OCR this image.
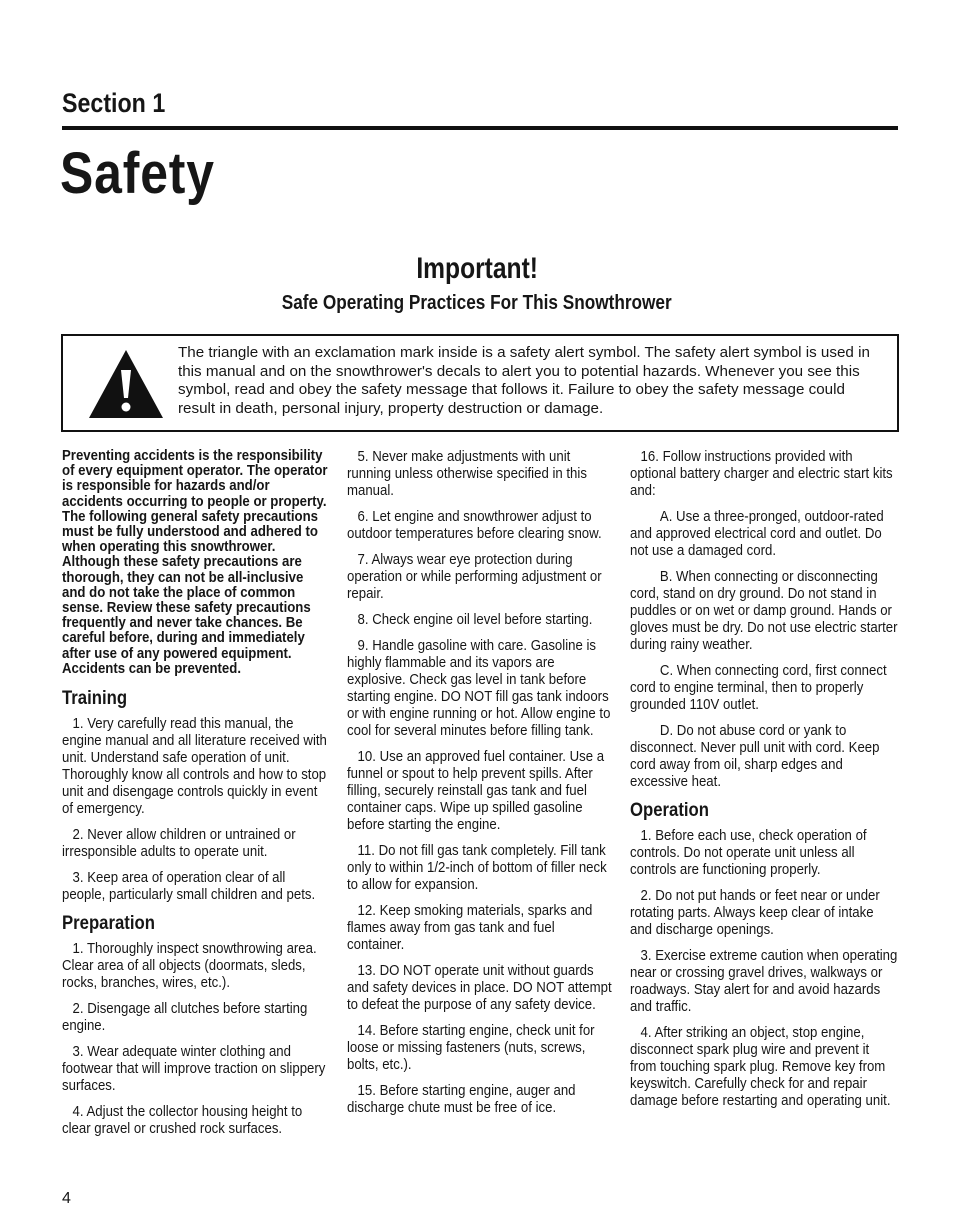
Section 1
Safety
Important!
Safe Operating Practices For This Snowthrower
The triangle with an exclamation mark inside is a safety alert symbol. The safety alert symbol is used in this manual and on the snowthrower's decals to alert you to potential hazards. Whenever you see this symbol, read and obey the safety message that follows it. Failure to obey the safety message could result in death, personal injury, property destruction or damage.

Preventing accidents is the responsibility of every equipment operator. The operator is responsible for hazards and/or accidents occurring to people or property. The following general safety precautions must be fully understood and adhered to when operating this snowthrower. Although these safety precautions are thorough, they can not be all-inclusive and do not take the place of common sense. Review these safety precautions frequently and never take chances. Be careful before, during and immediately after use of any powered equipment. Accidents can be prevented.

Training

1. Very carefully read this manual, the engine manual and all literature received with unit. Understand safe operation of unit. Thoroughly know all controls and how to stop unit and disengage controls quickly in event of emergency.

2. Never allow children or untrained or irresponsible adults to operate unit.

3. Keep area of operation clear of all people, particularly small children and pets.

Preparation

1. Thoroughly inspect snowthrowing area. Clear area of all objects (doormats, sleds, rocks, branches, wires, etc.).

2. Disengage all clutches before starting engine.

3. Wear adequate winter clothing and footwear that will improve traction on slippery surfaces.

4. Adjust the collector housing height to clear gravel or crushed rock surfaces.

5. Never make adjustments with unit running unless otherwise specified in this manual.

6. Let engine and snowthrower adjust to outdoor temperatures before clearing snow.

7. Always wear eye protection during operation or while performing adjustment or repair.

8. Check engine oil level before starting.

9. Handle gasoline with care. Gasoline is highly flammable and its vapors are explosive. Check gas level in tank before starting engine. DO NOT fill gas tank indoors or with engine running or hot. Allow engine to cool for several minutes before filling tank.

10. Use an approved fuel container. Use a funnel or spout to help prevent spills. After filling, securely reinstall gas tank and fuel container caps. Wipe up spilled gasoline before starting the engine.

11. Do not fill gas tank completely. Fill tank only to within 1/2-inch of bottom of filler neck to allow for expansion.

12. Keep smoking materials, sparks and flames away from gas tank and fuel container.

13. DO NOT operate unit without guards and safety devices in place. DO NOT attempt to defeat the purpose of any safety device.

14. Before starting engine, check unit for loose or missing fasteners (nuts, screws, bolts, etc.).

15. Before starting engine, auger and discharge chute must be free of ice.

16. Follow instructions provided with optional battery charger and electric start kits and:

A. Use a three-pronged, outdoor-rated and approved electrical cord and outlet. Do not use a damaged cord.

B. When connecting or disconnecting cord, stand on dry ground. Do not stand in puddles or on wet or damp ground. Hands or gloves must be dry. Do not use electric starter during rainy weather.

C. When connecting cord, first connect cord to engine terminal, then to properly grounded 110V outlet.

D. Do not abuse cord or yank to disconnect. Never pull unit with cord. Keep cord away from oil, sharp edges and excessive heat.

Operation

1. Before each use, check operation of controls. Do not operate unit unless all controls are functioning properly.

2. Do not put hands or feet near or under rotating parts. Always keep clear of intake and discharge openings.

3. Exercise extreme caution when operating near or crossing gravel drives, walkways or roadways. Stay alert for and avoid hazards and traffic.

4. After striking an object, stop engine, disconnect spark plug wire and prevent it from touching spark plug. Remove key from keyswitch. Carefully check for and repair damage before restarting and operating unit.

4
